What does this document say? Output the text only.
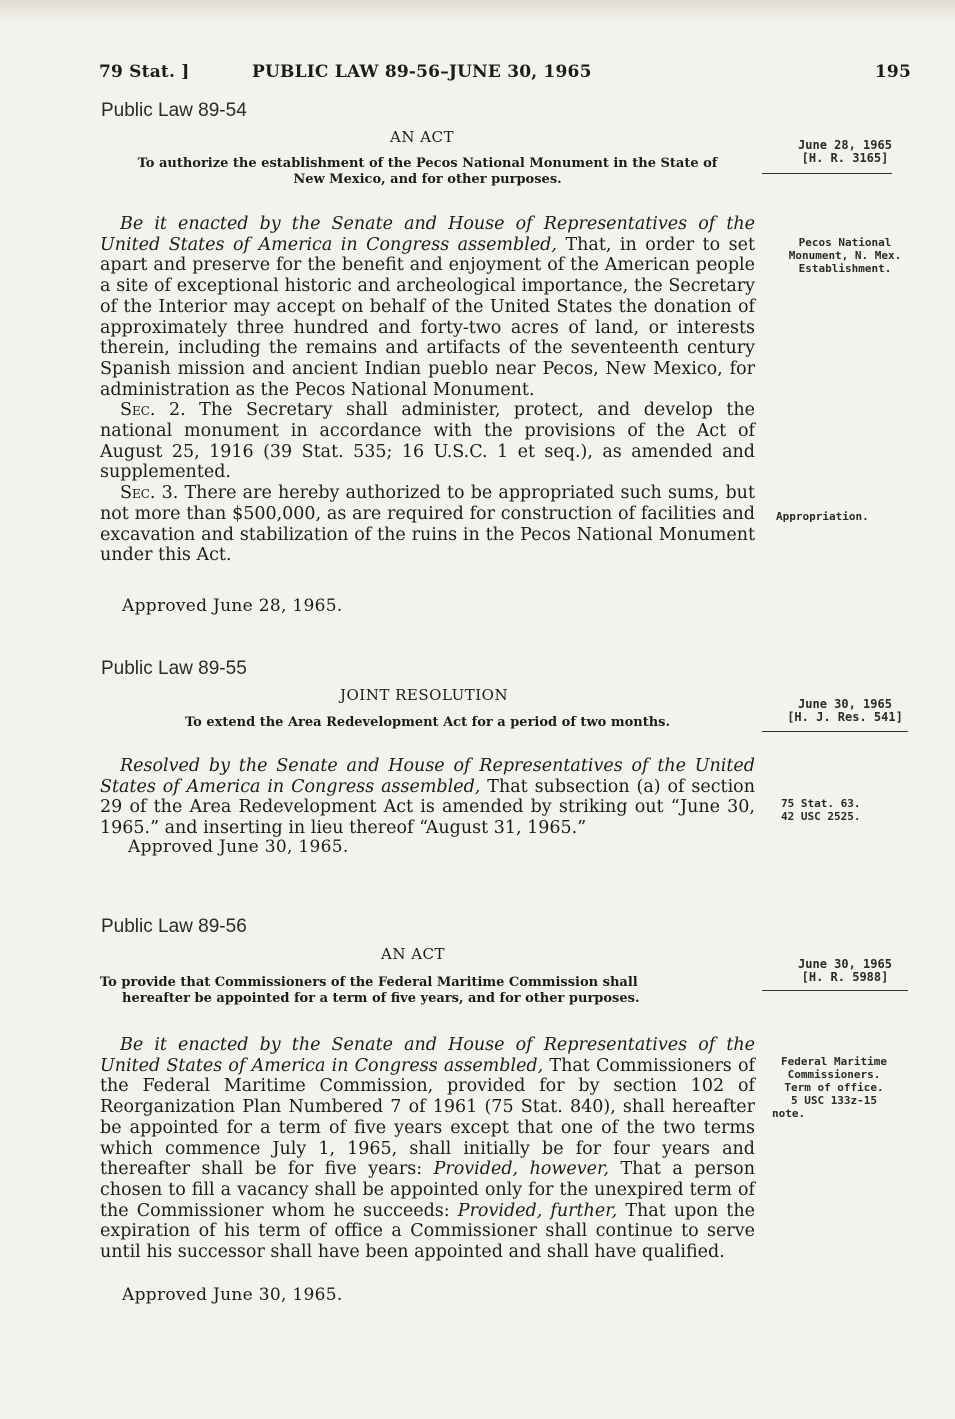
79 Stat. ]	PUBLIC LAW 89-56–JUNE 30, 1965	195
Public Law 89-54
AN ACT
To authorize the establishment of the Pecos National Monument in the State of
New Mexico, and for other purposes.
June 28, 1965
[H. R. 3165]

Be it enacted by the Senate and House of Representatives of the United States of America in Congress assembled, That, in order to set apart and preserve for the benefit and enjoyment of the American people a site of exceptional historic and archeological importance, the Secretary of the Interior may accept on behalf of the United States the donation of approximately three hundred and forty-two acres of land, or interests therein, including the remains and artifacts of the seventeenth century Spanish mission and ancient Indian pueblo near Pecos, New Mexico, for administration as the Pecos National Monument.

Sec. 2. The Secretary shall administer, protect, and develop the national monument in accordance with the provisions of the Act of August 25, 1916 (39 Stat. 535; 16 U.S.C. 1 et seq.), as amended and supplemented.

Sec. 3. There are hereby authorized to be appropriated such sums, but not more than $500,000, as are required for construction of facilities and excavation and stabilization of the ruins in the Pecos National Monument under this Act.

Approved June 28, 1965.
Pecos National
Monument, N. Mex.
Establishment.
Appropriation.
Public Law 89-55
JOINT RESOLUTION
To extend the Area Redevelopment Act for a period of two months.
June 30, 1965
[H. J. Res. 541]

Resolved by the Senate and House of Representatives of the United States of America in Congress assembled, That subsection (a) of section 29 of the Area Redevelopment Act is amended by striking out “June 30, 1965.” and inserting in lieu thereof “August 31, 1965.”

Approved June 30, 1965.
75 Stat. 63.
42 USC 2525.
Public Law 89-56
AN ACT
To provide that Commissioners of the Federal Maritime Commission shall
hereafter be appointed for a term of five years, and for other purposes.
June 30, 1965
[H. R. 5988]

Be it enacted by the Senate and House of Representatives of the United States of America in Congress assembled, That Commissioners of the Federal Maritime Commission, provided for by section 102 of Reorganization Plan Numbered 7 of 1961 (75 Stat. 840), shall hereafter be appointed for a term of five years except that one of the two terms which commence July 1, 1965, shall initially be for four years and thereafter shall be for five years: Provided, however, That a person chosen to fill a vacancy shall be appointed only for the unexpired term of the Commissioner whom he succeeds: Provided, further, That upon the expiration of his term of office a Commissioner shall continue to serve until his successor shall have been appointed and shall have qualified.

Approved June 30, 1965.
Federal Maritime
Commissioners.
Term of office.
5 USC 133z-15
note.
